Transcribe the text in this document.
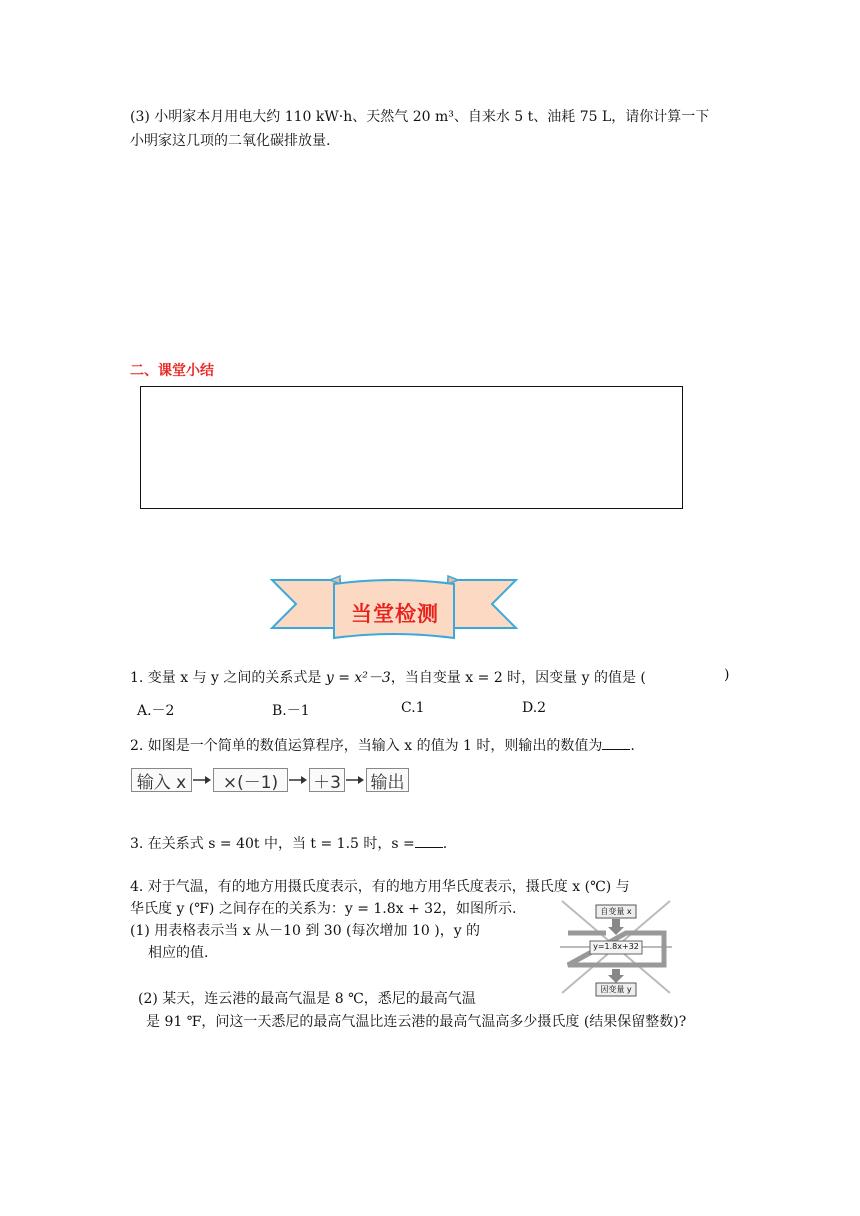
(3) 小明家本月用电大约 110 kW·h、天然气 20 m³、自来水 5 t、油耗 75 L，请你计算一下
小明家这几项的二氧化碳排放量.
二、课堂小结
当堂检测
1. 变量 x 与 y 之间的关系式是 y = x²－3，当自变量 x = 2 时，因变量 y 的值是 (	)
A.－2	B.－1	C.1	D.2
2. 如图是一个简单的数值运算程序，当输入 x 的值为 1 时，则输出的数值为 .
输入 x	×(－1)	＋3 输出
3. 在关系式 s = 40t 中，当 t = 1.5 时，s = .
4. 对于气温，有的地方用摄氏度表示，有的地方用华氏度表示，摄氏度 x (℃) 与
华氏度 y (℉) 之间存在的关系为：y = 1.8x + 32，如图所示.
(1) 用表格表示当 x 从－10 到 30 (每次增加 10 )，y 的
相应的值.
(2) 某天，连云港的最高气温是 8 ℃，悉尼的最高气温
是 91 ℉，问这一天悉尼的最高气温比连云港的最高气温高多少摄氏度 (结果保留整数)?
自变量 x
y=1.8x+32
因变量 y
